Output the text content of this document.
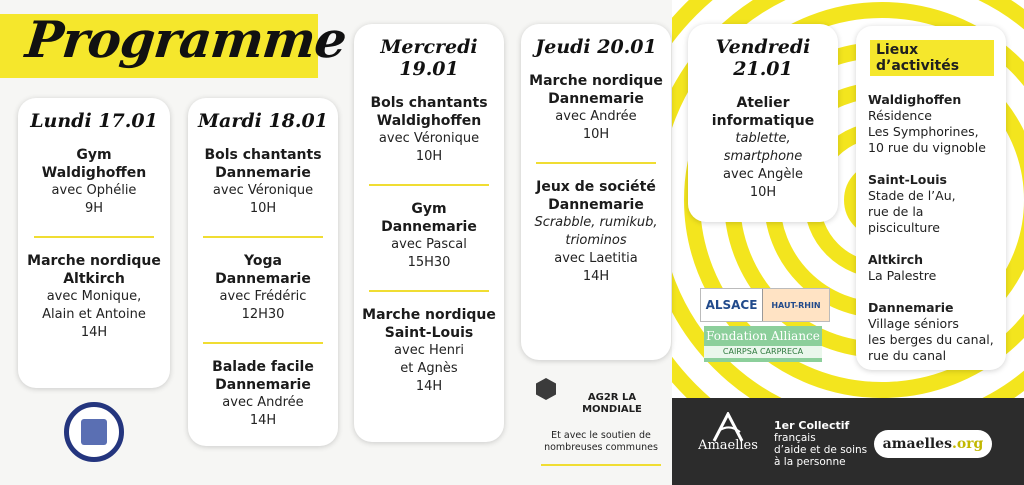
Programme
Lundi 17.01
Gym
Waldighoffen
avec Ophélie
9H
Marche nordique
Altkirch
avec Monique,
Alain et Antoine
14H
Mardi 18.01
Bols chantants
Dannemarie
avec Véronique
10H
Yoga
Dannemarie
avec Frédéric
12H30
Balade facile
Dannemarie
avec Andrée
14H
Mercredi 19.01
Bols chantants
Waldighoffen
avec Véronique
10H
Gym
Dannemarie
avec Pascal
15H30
Marche nordique
Saint-Louis
avec Henri
et Agnès
14H
Jeudi 20.01
Marche nordique
Dannemarie
avec Andrée
10H
Jeux de société
Dannemarie
Scrabble, rumikub,
triominos
avec Laetitia
14H
Vendredi 21.01
Atelier
informatique
tablette,
smartphone
avec Angèle
10H
Lieux d’activités
Waldighoffen
Résidence
Les Symphorines,
10 rue du vignoble
Saint-Louis
Stade de l’Au,
rue de la pisciculture
Altkirch
La Palestre
Dannemarie
Village séniors
les berges du canal,
rue du canal
ALSACE	HAUT-RHIN
Fondation Alliance
CAIRPSA CARPRECA
AG2R LA MONDIALE
Et avec le soutien de
nombreuses communes	Amaelles
1er Collectif
français
d’aide et de soins
à la personne
amaelles.org
